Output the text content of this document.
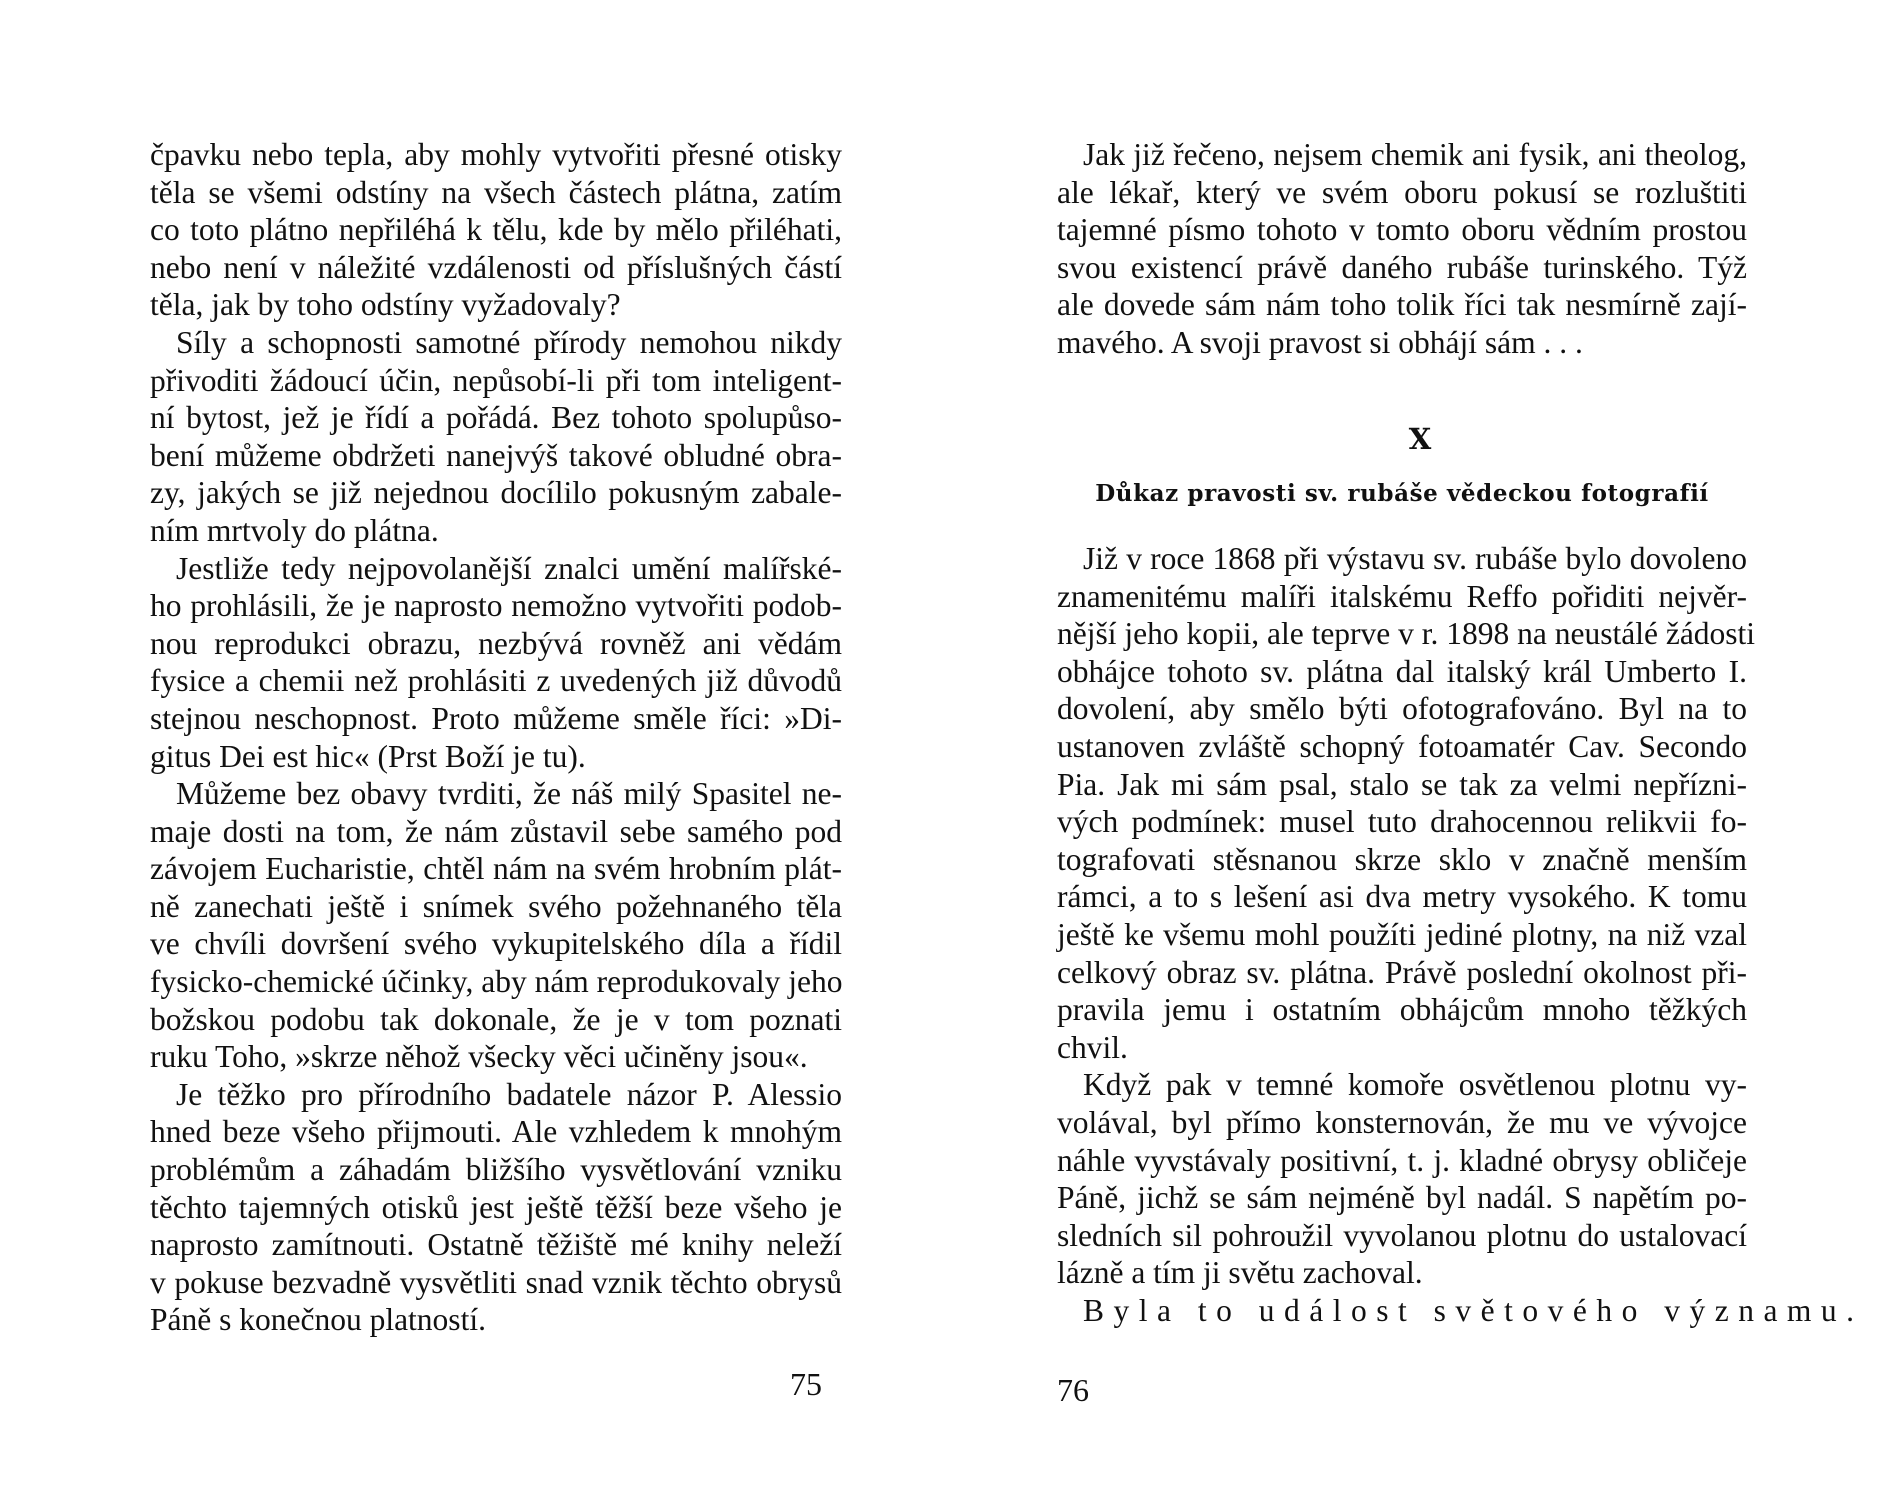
čpavku nebo tepla, aby mohly vytvořiti přesné otisky
těla se všemi odstíny na všech částech plátna, zatím
co toto plátno nepřiléhá k tělu, kde by mělo přiléhati,
nebo není v náležité vzdálenosti od příslušných částí
těla, jak by toho odstíny vyžadovaly?
Síly a schopnosti samotné přírody nemohou nikdy
přivoditi žádoucí účin, nepůsobí-li při tom inteligent-
ní bytost, jež je řídí a pořádá. Bez tohoto spolupůso-
bení můžeme obdržeti nanejvýš takové obludné obra-
zy, jakých se již nejednou docílilo pokusným zabale-
ním mrtvoly do plátna.
Jestliže tedy nejpovolanější znalci umění malířské-
ho prohlásili, že je naprosto nemožno vytvořiti podob-
nou reprodukci obrazu, nezbývá rovněž ani vědám
fysice a chemii než prohlásiti z uvedených již důvodů
stejnou neschopnost. Proto můžeme směle říci: »Di-
gitus Dei est hic« (Prst Boží je tu).
Můžeme bez obavy tvrditi, že náš milý Spasitel ne-
maje dosti na tom, že nám zůstavil sebe samého pod
závojem Eucharistie, chtěl nám na svém hrobním plát-
ně zanechati ještě i snímek svého požehnaného těla
ve chvíli dovršení svého vykupitelského díla a řídil
fysicko-chemické účinky, aby nám reprodukovaly jeho
božskou podobu tak dokonale, že je v tom poznati
ruku Toho, »skrze něhož všecky věci učiněny jsou«.
Je těžko pro přírodního badatele názor P. Alessio
hned beze všeho přijmouti. Ale vzhledem k mnohým
problémům a záhadám bližšího vysvětlování vzniku
těchto tajemných otisků jest ještě těžší beze všeho je
naprosto zamítnouti. Ostatně těžiště mé knihy neleží
v pokuse bezvadně vysvětliti snad vznik těchto obrysů
Páně s konečnou platností.
75
Jak již řečeno, nejsem chemik ani fysik, ani theolog,
ale lékař, který ve svém oboru pokusí se rozluštiti
tajemné písmo tohoto v tomto oboru vědním prostou
svou existencí právě daného rubáše turinského. Týž
ale dovede sám nám toho tolik říci tak nesmírně zají-
mavého. A svoji pravost si obhájí sám . . .
X
Důkaz pravosti sv. rubáše vědeckou fotografií
Již v roce 1868 při výstavu sv. rubáše bylo dovoleno
znamenitému malíři italskému Reffo pořiditi nejvěr-
nější jeho kopii, ale teprve v r. 1898 na neustálé žádosti
obhájce tohoto sv. plátna dal italský král Umberto I.
dovolení, aby smělo býti ofotografováno. Byl na to
ustanoven zvláště schopný fotoamatér Cav. Secondo
Pia. Jak mi sám psal, stalo se tak za velmi nepřízni-
vých podmínek: musel tuto drahocennou relikvii fo-
tografovati stěsnanou skrze sklo v značně menším
rámci, a to s lešení asi dva metry vysokého. K tomu
ještě ke všemu mohl použíti jediné plotny, na niž vzal
celkový obraz sv. plátna. Právě poslední okolnost při-
pravila jemu i ostatním obhájcům mnoho těžkých
chvil.
Když pak v temné komoře osvětlenou plotnu vy-
volával, byl přímo konsternován, že mu ve vývojce
náhle vyvstávaly positivní, t. j. kladné obrysy obličeje
Páně, jichž se sám nejméně byl nadál. S napětím po-
sledních sil pohroužil vyvolanou plotnu do ustalovací
lázně a tím ji světu zachoval.
Byla to událost světového významu.
76
